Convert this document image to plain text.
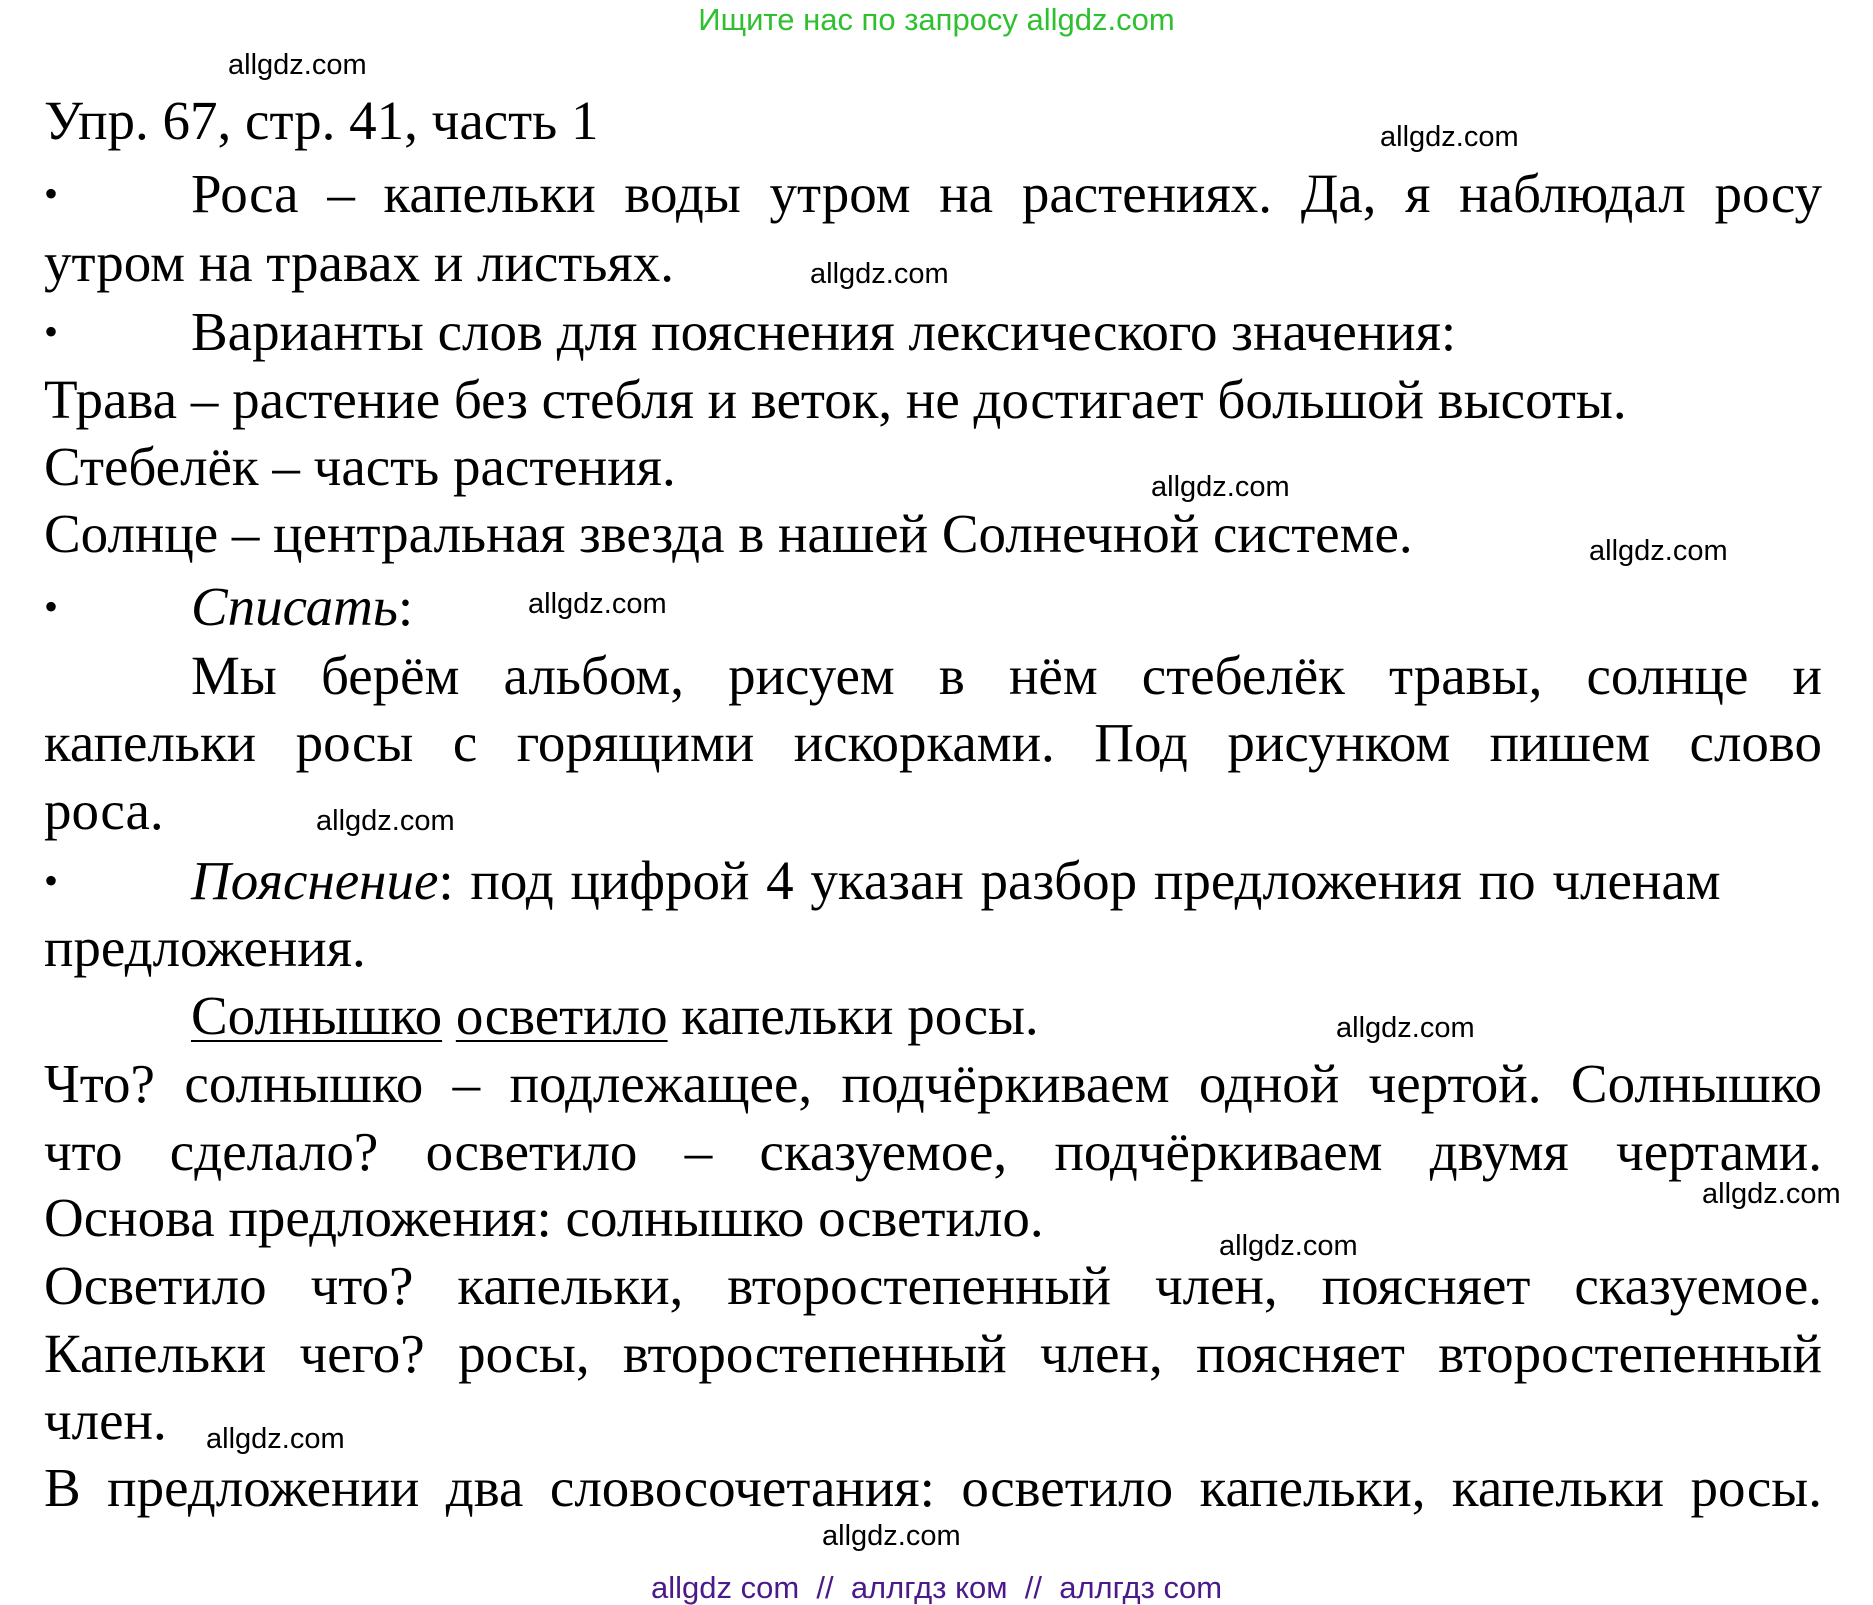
Ищите нас по запросу allgdz.com
Упр. 67, стр. 41, часть 1
• Роса – капельки воды утром на растениях. Да, я наблюдал росу
утром на травах и листьях.
• Варианты слов для пояснения лексического значения:
Трава – растение без стебля и веток, не достигает большой высоты.
Стебелёк – часть растения.
Солнце – центральная звезда в нашей Солнечной системе.
• Списать:
Мы берём альбом, рисуем в нём стебелёк травы, солнце и
капельки росы с горящими искорками. Под рисунком пишем слово
роса.
• Пояснение: под цифрой 4 указан разбор предложения по членам
предложения.
Солнышко осветило капельки росы.
Что? солнышко – подлежащее, подчёркиваем одной чертой. Солнышко
что сделало? осветило – сказуемое, подчёркиваем двумя чертами.
Основа предложения: солнышко осветило.
Осветило что? капельки, второстепенный член, поясняет сказуемое.
Капельки чего? росы, второстепенный член, поясняет второстепенный
член.
В предложении два словосочетания: осветило капельки, капельки росы.
allgdz.com
allgdz.com
allgdz.com
allgdz.com
allgdz.com
allgdz.com
allgdz.com
allgdz.com
allgdz.com
allgdz.com
allgdz.com
allgdz.com
allgdz com  //  аллгдз ком  //  аллгдз com
